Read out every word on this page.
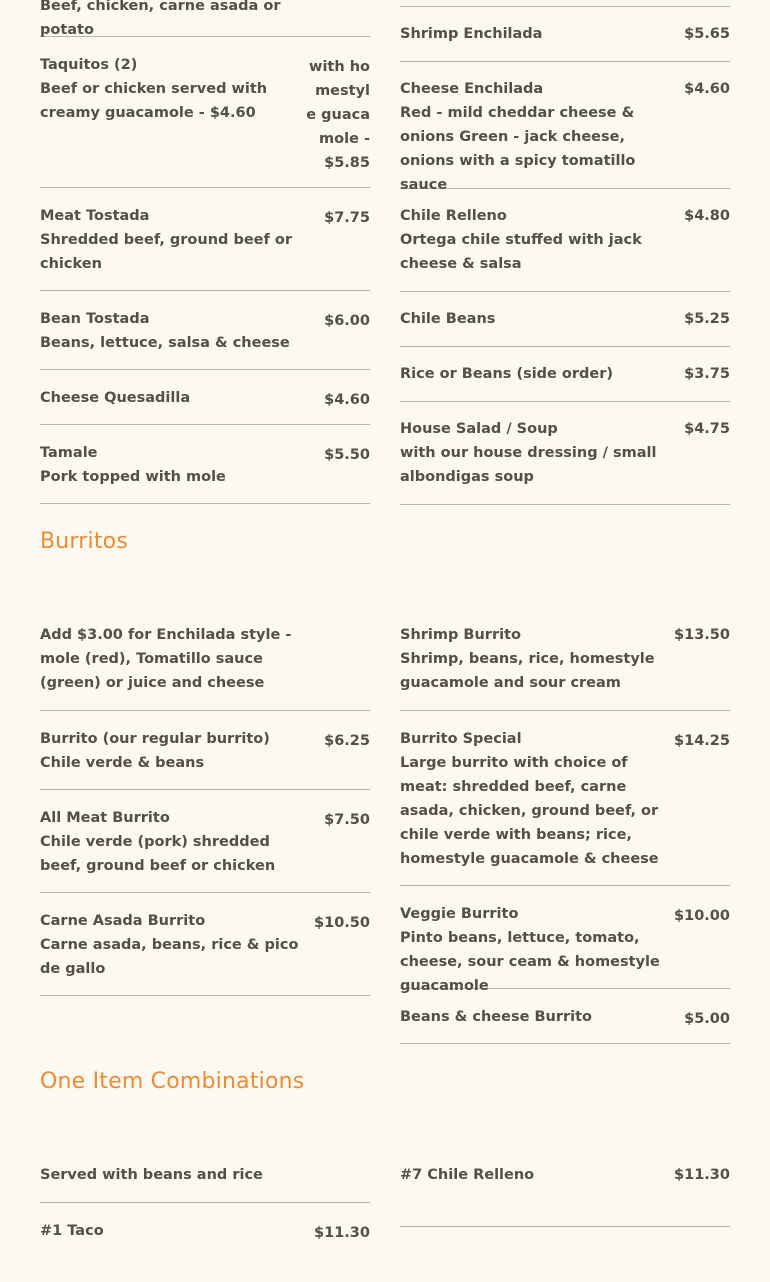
Beef, chicken, carne asada or potato
Taquitos (2)
Beef or chicken served with creamy guacamole - $4.60
with homestyle guacamole - $5.85
Meat Tostada
Shredded beef, ground beef or chicken
$7.75
Bean Tostada
Beans, lettuce, salsa & cheese
$6.00
Cheese Quesadilla	$4.60
Tamale
Pork topped with mole
$5.50
Shrimp Enchilada	$5.65
Cheese Enchilada
Red - mild cheddar cheese & onions Green - jack cheese, onions with a spicy tomatillo sauce
$4.60
Chile Relleno
Ortega chile stuffed with jack cheese & salsa
$4.80
Chile Beans	$5.25
Rice or Beans (side order)	$3.75
House Salad / Soup
with our house dressing / small albondigas soup
$4.75
Burritos
Add $3.00 for Enchilada style - mole (red), Tomatillo sauce (green) or juice and cheese
Burrito (our regular burrito)
Chile verde & beans
$6.25
All Meat Burrito
Chile verde (pork) shredded beef, ground beef or chicken
$7.50
Carne Asada Burrito
Carne asada, beans, rice & pico de gallo
$10.50
Shrimp Burrito
Shrimp, beans, rice, homestyle guacamole and sour cream
$13.50
Burrito Special
Large burrito with choice of meat: shredded beef, carne asada, chicken, ground beef, or chile verde with beans; rice, homestyle guacamole & cheese
$14.25
Veggie Burrito
Pinto beans, lettuce, tomato, cheese, sour ceam & homestyle guacamole
$10.00
Beans & cheese Burrito	$5.00
One Item Combinations
Served with beans and rice
#1 Taco	$11.30
#7 Chile Relleno	$11.30
